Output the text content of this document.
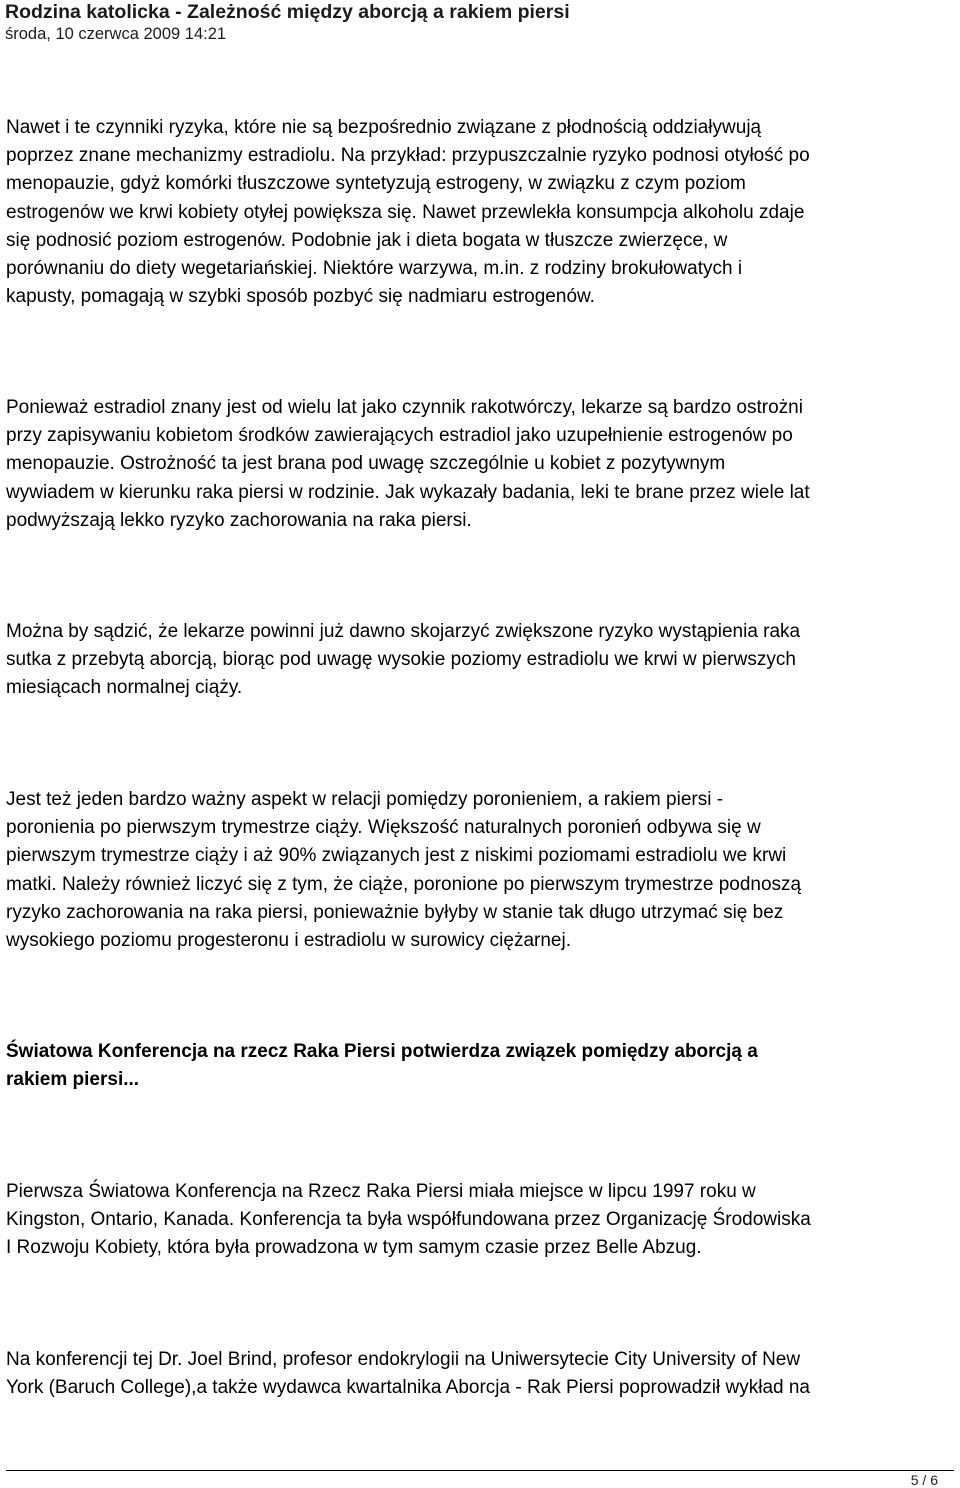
Rodzina katolicka - Zależność między aborcją a rakiem piersi
środa, 10 czerwca 2009 14:21
Nawet i te czynniki ryzyka, które nie są bezpośrednio związane z płodnością oddziaływują
poprzez znane mechanizmy estradiolu. Na przykład: przypuszczalnie ryzyko podnosi otyłość po
menopauzie, gdyż komórki tłuszczowe syntetyzują estrogeny, w związku z czym poziom
estrogenów we krwi kobiety otyłej powiększa się. Nawet przewlekła konsumpcja alkoholu zdaje
się podnosić poziom estrogenów. Podobnie jak i dieta bogata w tłuszcze zwierzęce, w
porównaniu do diety wegetariańskiej. Niektóre warzywa, m.in. z rodziny brokułowatych i
kapusty, pomagają w szybki sposób pozbyć się nadmiaru estrogenów.
Ponieważ estradiol znany jest od wielu lat jako czynnik rakotwórczy, lekarze są bardzo ostrożni
przy zapisywaniu kobietom środków zawierających estradiol jako uzupełnienie estrogenów po
menopauzie. Ostrożność ta jest brana pod uwagę szczególnie u kobiet z pozytywnym
wywiadem w kierunku raka piersi w rodzinie. Jak wykazały badania, leki te brane przez wiele lat
podwyższają lekko ryzyko zachorowania na raka piersi.
Można by sądzić, że lekarze powinni już dawno skojarzyć zwiększone ryzyko wystąpienia raka
sutka z przebytą aborcją, biorąc pod uwagę wysokie poziomy estradiolu we krwi w pierwszych
miesiącach normalnej ciąży.
Jest też jeden bardzo ważny aspekt w relacji pomiędzy poronieniem, a rakiem piersi -
poronienia po pierwszym trymestrze ciąży. Większość naturalnych poronień odbywa się w
pierwszym trymestrze ciąży i aż 90% związanych jest z niskimi poziomami estradiolu we krwi
matki. Należy również liczyć się z tym, że ciąże, poronione po pierwszym trymestrze podnoszą
ryzyko zachorowania na raka piersi, ponieważnie byłyby w stanie tak długo utrzymać się bez
wysokiego poziomu progesteronu i estradiolu w surowicy ciężarnej.
Światowa Konferencja na rzecz Raka Piersi potwierdza związek pomiędzy aborcją a
rakiem piersi...
Pierwsza Światowa Konferencja na Rzecz Raka Piersi miała miejsce w lipcu 1997 roku w
Kingston, Ontario, Kanada. Konferencja ta była współfundowana przez Organizację Środowiska
I Rozwoju Kobiety, która była prowadzona w tym samym czasie przez Belle Abzug.
Na konferencji tej Dr. Joel Brind, profesor endokrylogii na Uniwersytecie City University of New
York (Baruch College),a także wydawca kwartalnika Aborcja - Rak Piersi poprowadził wykład na
5 / 6
